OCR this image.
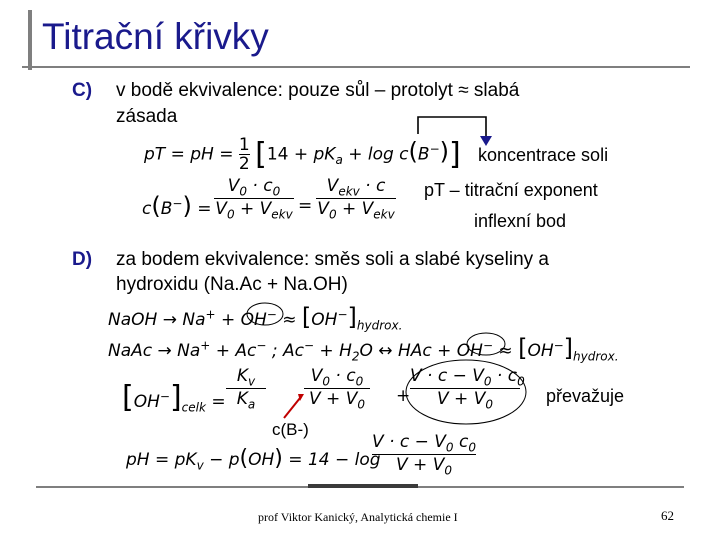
Titrační křivky
C) v bodě ekvivalence: pouze sůl – protolyt ≈ slabá
zásada
pT = pH = 1

2 $[14 + pK_a + \log c(B^-)]$ koncentrace soli
c(B−) =
$V_0 \cdot c_0$
$V_0 + V_{ekv}$ =
$V_{ekv} \cdot c$
$V_0 + V_{ekv}$
pT – titrační exponent
inflexní bod
D) za bodem ekvivalence: směs soli a slabé kyseliny a
hydroxidu (Na.Ac + Na.OH)
NaOH → $Na^+ + OH^- \approx [OH^-]_{hydrox.}$
NaAc → Na+ + Ac− ; $Ac^- + H_2O$ ↔ HAc + $OH^- \approx [OH^-]_{hydrox.}$
$[OH^-]_{celk}$ =
$K_v$
$K_a$
$V_0 \cdot c_0$
$V + V_0$ +
$V \cdot c - V_0 \cdot c_0$
$V + V_0$	převažuje
c(B-)
pH = $pK_v - p(OH) = 14 - \log$
$V \cdot c - V_0$ $c_0$
$V + V_0$
prof Viktor Kanický, Analytická chemie I	62
